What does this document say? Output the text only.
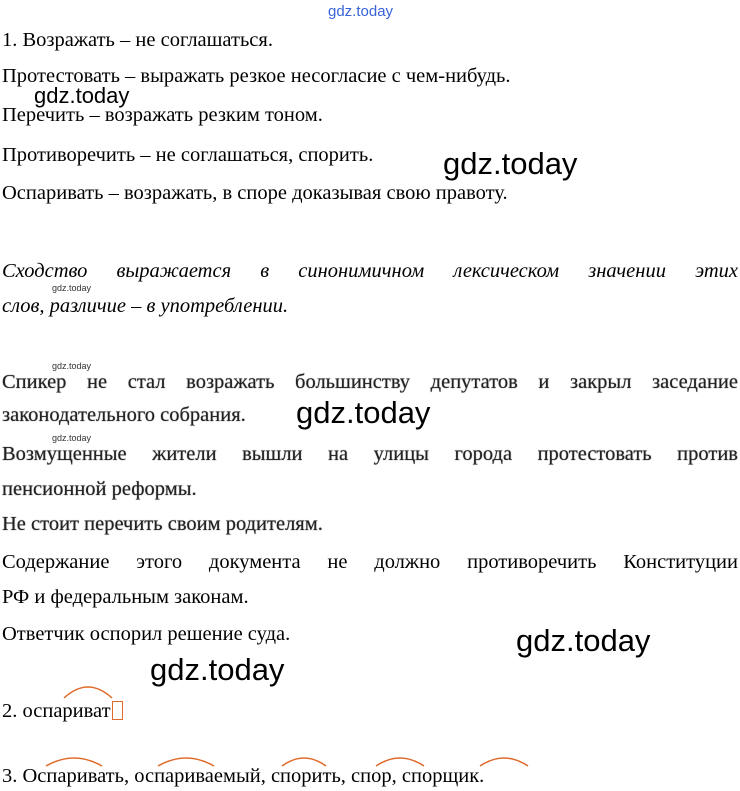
gdz.today
1. Возражать – не соглашаться.
Протестовать – выражать резкое несогласие с чем-нибудь.
gdz.today
Перечить – возражать резким тоном.
Противоречить – не соглашаться, спорить. gdz.today
Оспаривать – возражать, в споре доказывая свою правоту.
Сходство выражается в синонимичном лексическом значении этих
gdz.today
слов, различие – в употреблении.
gdz.today
Спикер не стал возражать большинству депутатов и закрыл заседание
законодательного собрания. gdz.today
gdz.today
Возмущенные жители вышли на улицы города протестовать против
пенсионной реформы.
Не стоит перечить своим родителям.
Содержание этого документа не должно противоречить Конституции
РФ и федеральным законам.
Ответчик оспорил решение суда.	gdz.today
gdz.today
2. оспариват
3. Оспаривать, оспариваемый, спорить, спор, спорщик.
